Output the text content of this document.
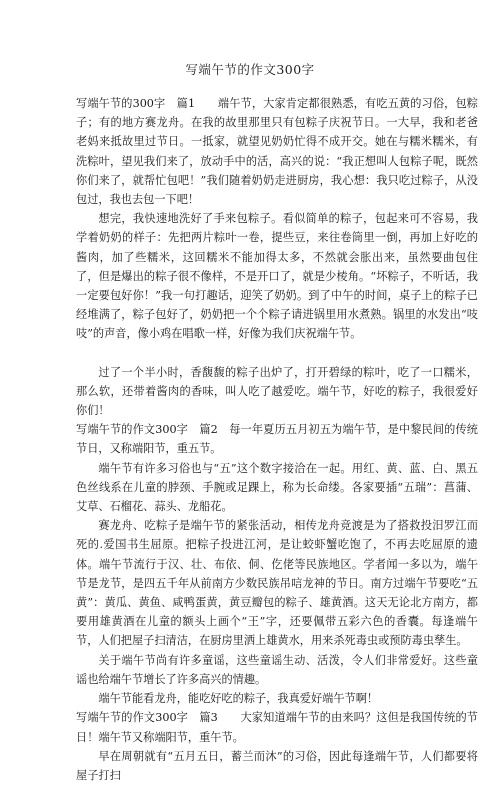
写端午节的作文300字

写端午节的300字　篇1　　端午节，大家肯定都很熟悉，有吃五黄的习俗，包粽子；有的地方赛龙舟。在我的故里那里只有包粽子庆祝节日。一大早，我和老爸老妈来抵故里过节日。一抵家，就望见奶奶忙得不成开交。她在与糯米糯米，有洗粽叶，望见我们来了，放动手中的活，高兴的说：“我正想叫人包粽子呢，既然你们来了，就帮忙包吧！”我们随着奶奶走进厨房，我心想：我只吃过粽子，从没包过，我也去包一下吧！

想完，我快速地洗好了手来包粽子。看似简单的粽子，包起来可不容易，我学着奶奶的样子：先把两片粽叶一卷，提些豆，来往卷筒里一倒，再加上好吃的酱肉，加了些糯米，这回糯米不能加得太多，不然就会胀出来，虽然要曲包住了，但是爆出的粽子很不像样，不是开口了，就是少棱角。“坏粽子，不听话，我一定要包好你！”我一句打趣话，迎笑了奶奶。到了中午的时间，桌子上的粽子已经堆满了，粽子包好了，奶奶把一个个粽子请进锅里用水煮熟。锅里的水发出“吱吱”的声音，像小鸡在唱歌一样，好像为我们庆祝端午节。

过了一个半小时，香馥馥的粽子出炉了，打开碧绿的粽叶，吃了一口糯米，那么软，还带着酱肉的香味，叫人吃了越爱吃。端午节，好吃的粽子，我很爱好你们！

写端午节的作文300字　篇2　每一年夏历五月初五为端午节，是中黎民间的传统节日，又称端阳节，重五节。

端午节有许多习俗也与“五”这个数字接洽在一起。用红、黄、蓝、白、黑五色丝线系在儿童的脖颈、手腕或足踝上，称为长命缕。各家要插“五瑞”：菖蒲、艾草、石榴花、蒜头、龙船花。

赛龙舟、吃粽子是端午节的紧张活动，相传龙舟竞渡是为了搭救投汨罗江而死的.爱国书生屈原。把粽子投进江河，是让蛟虾蟹吃饱了，不再去吃屈原的遗体。端午节流行于汉、壮、布依、侗、仡佬等民族地区。学者闻一多以为，端午节是龙节，是四五千年从前南方少数民族吊唁龙神的节日。南方过端午节要吃“五黄”：黄瓜、黄鱼、咸鸭蛋黄，黄豆瓣包的粽子、雄黄酒。这天无论北方南方，都要用雄黄酒在儿童的额头上画个“王”字，还要佩带五彩六色的香囊。每逢端午节，人们把屋子扫清洁，在厨房里洒上雄黄水，用来杀死毒虫或预防毒虫孳生。

关于端午节尚有许多童谣，这些童谣生动、活泼，令人们非常爱好。这些童谣也给端午节增长了许多高兴的情趣。

端午节能看龙舟，能吃好吃的粽子，我真爱好端午节啊！

写端午节的作文300字　篇3　　大家知道端午节的由来吗？这但是我国传统的节日！端午节又称端阳节，重午节。

早在周朝就有“五月五日，蓄兰而沐”的习俗，因此每逢端午节，人们都要将屋子打扫
